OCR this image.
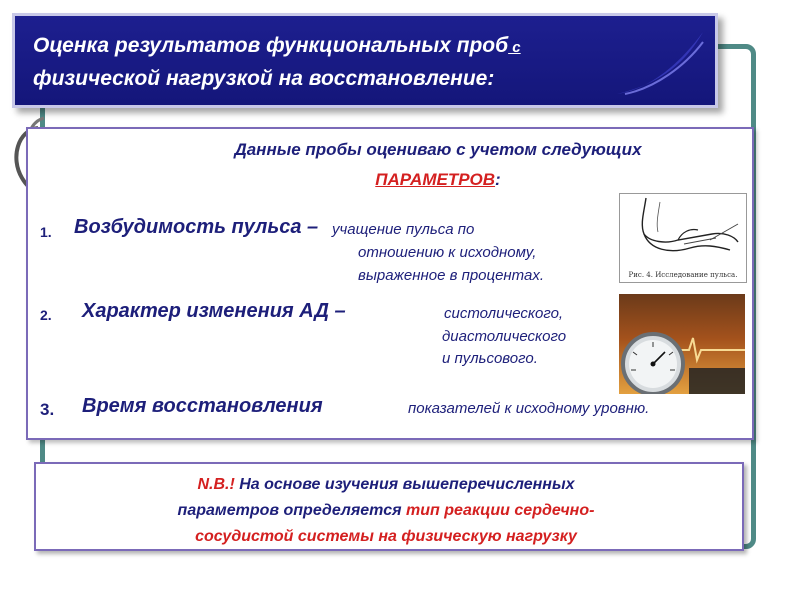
Оценка результатов функциональных проб с
физической нагрузкой на восстановление:
Данные пробы оцениваю с учетом следующих
ПАРАМЕТРОВ:
1. Возбудимость пульса – учащение пульса по
отношению к исходному,
выраженное в процентах.
2. Характер изменения АД –	систолического,
диастолического
и пульсового.
3. Время восстановления	показателей к исходному уровню.
Рис. 4. Исследование пульса.
N.B.! На основе изучения вышеперечисленных
параметров определяется тип реакции сердечно-
сосудистой системы на физическую нагрузку
